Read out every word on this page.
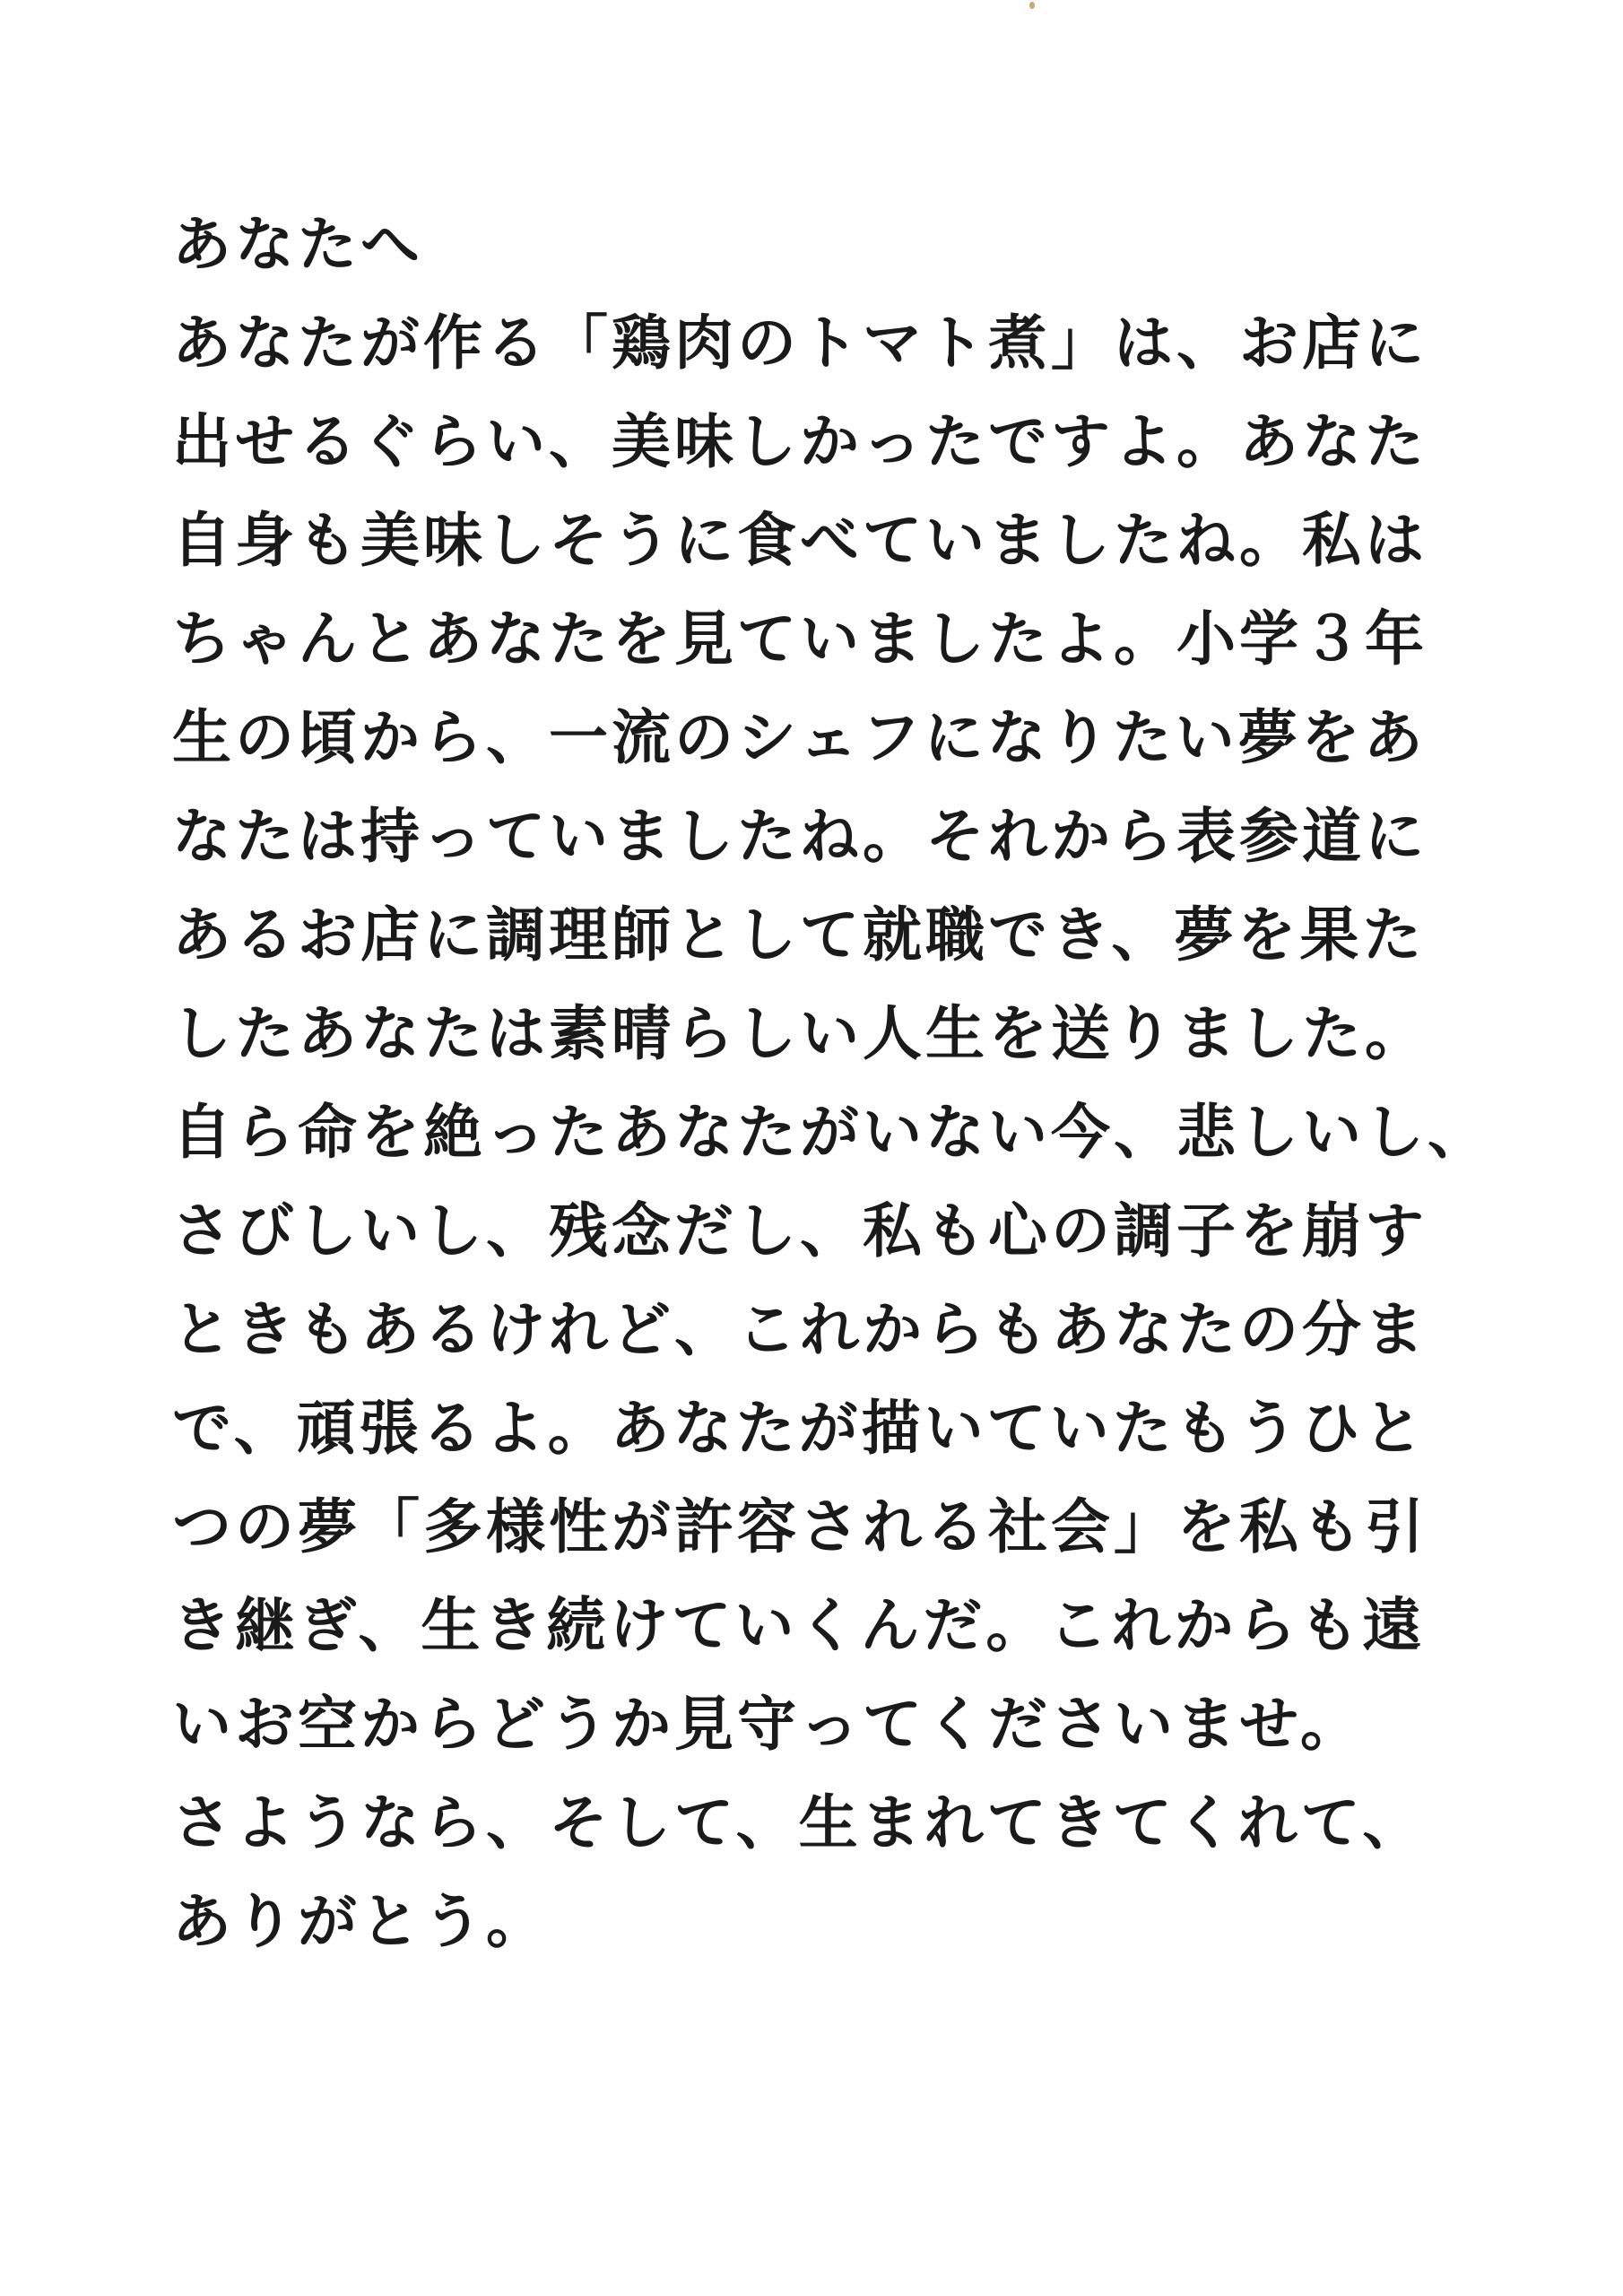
あなたへ
あなたが作る「鶏肉のトマト煮」は、お店に
出せるぐらい、美味しかったですよ。あなた
自身も美味しそうに食べていましたね。私は
ちゃんとあなたを見ていましたよ。小学３年
生の頃から、一流のシェフになりたい夢をあ
なたは持っていましたね。それから表参道に
あるお店に調理師として就職でき、夢を果た
したあなたは素晴らしい人生を送りました。
自ら命を絶ったあなたがいない今、悲しいし、
さびしいし、残念だし、私も心の調子を崩す
ときもあるけれど、これからもあなたの分ま
で、頑張るよ。あなたが描いていたもうひと
つの夢「多様性が許容される社会」を私も引
き継ぎ、生き続けていくんだ。これからも遠
いお空からどうか見守ってくださいませ。
さようなら、そして、生まれてきてくれて、
ありがとう。
